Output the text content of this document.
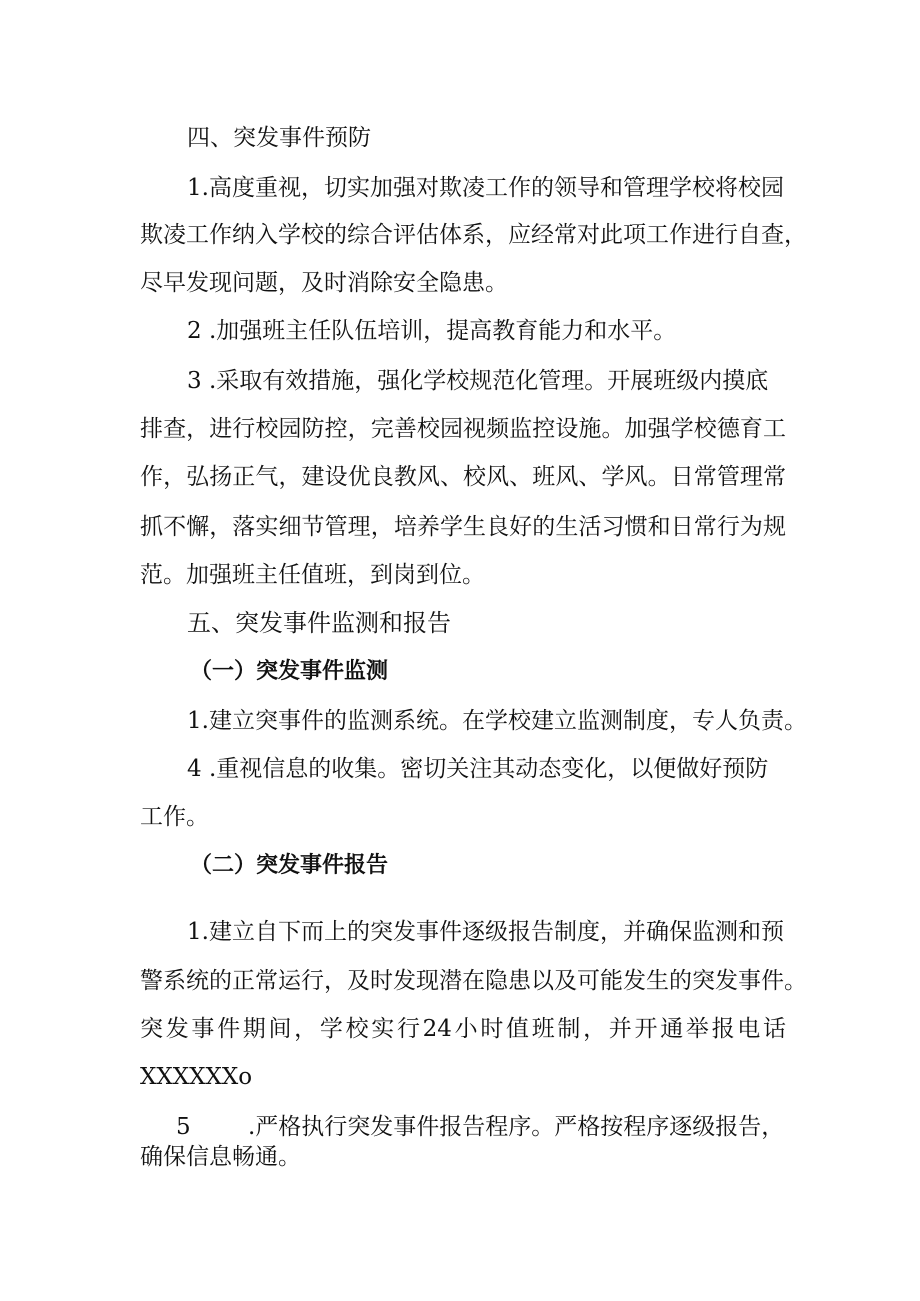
四、突发事件预防
1.高度重视，切实加强对欺凌工作的领导和管理学校将校园
欺凌工作纳入学校的综合评估体系，应经常对此项工作进行自查，
尽早发现问题，及时消除安全隐患。
2 .加强班主任队伍培训，提高教育能力和水平。
3 .采取有效措施，强化学校规范化管理。开展班级内摸底
排查，进行校园防控，完善校园视频监控设施。加强学校德育工
作，弘扬正气，建设优良教风、校风、班风、学风。日常管理常
抓不懈，落实细节管理，培养学生良好的生活习惯和日常行为规
范。加强班主任值班，到岗到位。
五、突发事件监测和报告
（一）突发事件监测
1.建立突事件的监测系统。在学校建立监测制度，专人负责。
4 .重视信息的收集。密切关注其动态变化，以便做好预防
工作。
（二）突发事件报告
1.建立自下而上的突发事件逐级报告制度，并确保监测和预
警系统的正常运行，及时发现潜在隐患以及可能发生的突发事件。
突发事件期间，学校实行24小时值班制，并开通举报电话
XXXXXXo
5 .严格执行突发事件报告程序。严格按程序逐级报告，
确保信息畅通。
